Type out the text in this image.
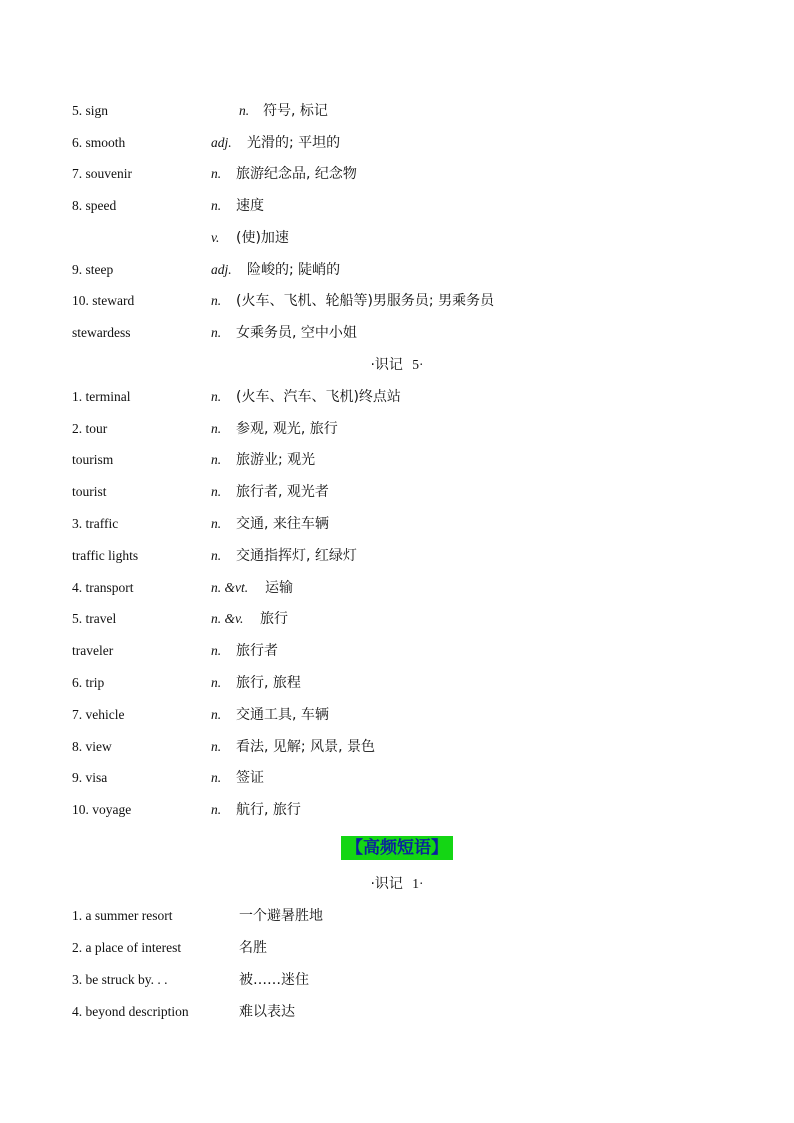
5. sign	n. 符号, 标记
6. smooth	adj. 光滑的; 平坦的
7. souvenir	n. 旅游纪念品, 纪念物
8. speed	n. 速度
v. (使)加速
9. steep	adj. 险峻的; 陡峭的
10. steward	n. (火车、飞机、轮船等)男服务员; 男乘务员
stewardess	n. 女乘务员, 空中小姐
·识记 5·
1. terminal	n. (火车、汽车、飞机)终点站
2. tour	n. 参观, 观光, 旅行
tourism	n. 旅游业; 观光
tourist	n. 旅行者, 观光者
3. traffic	n. 交通, 来往车辆
traffic lights	n. 交通指挥灯, 红绿灯
4. transport	n. &vt. 运输
5. travel	n. &v. 旅行
traveler	n. 旅行者
6. trip	n. 旅行, 旅程
7. vehicle	n. 交通工具, 车辆
8. view	n. 看法, 见解; 风景, 景色
9. visa	n. 签证
10. voyage	n. 航行, 旅行
【高频短语】
·识记 1·
1. a summer resort	一个避暑胜地
2. a place of interest	名胜
3. be struck by. . .	被……迷住
4. beyond description	难以表达
